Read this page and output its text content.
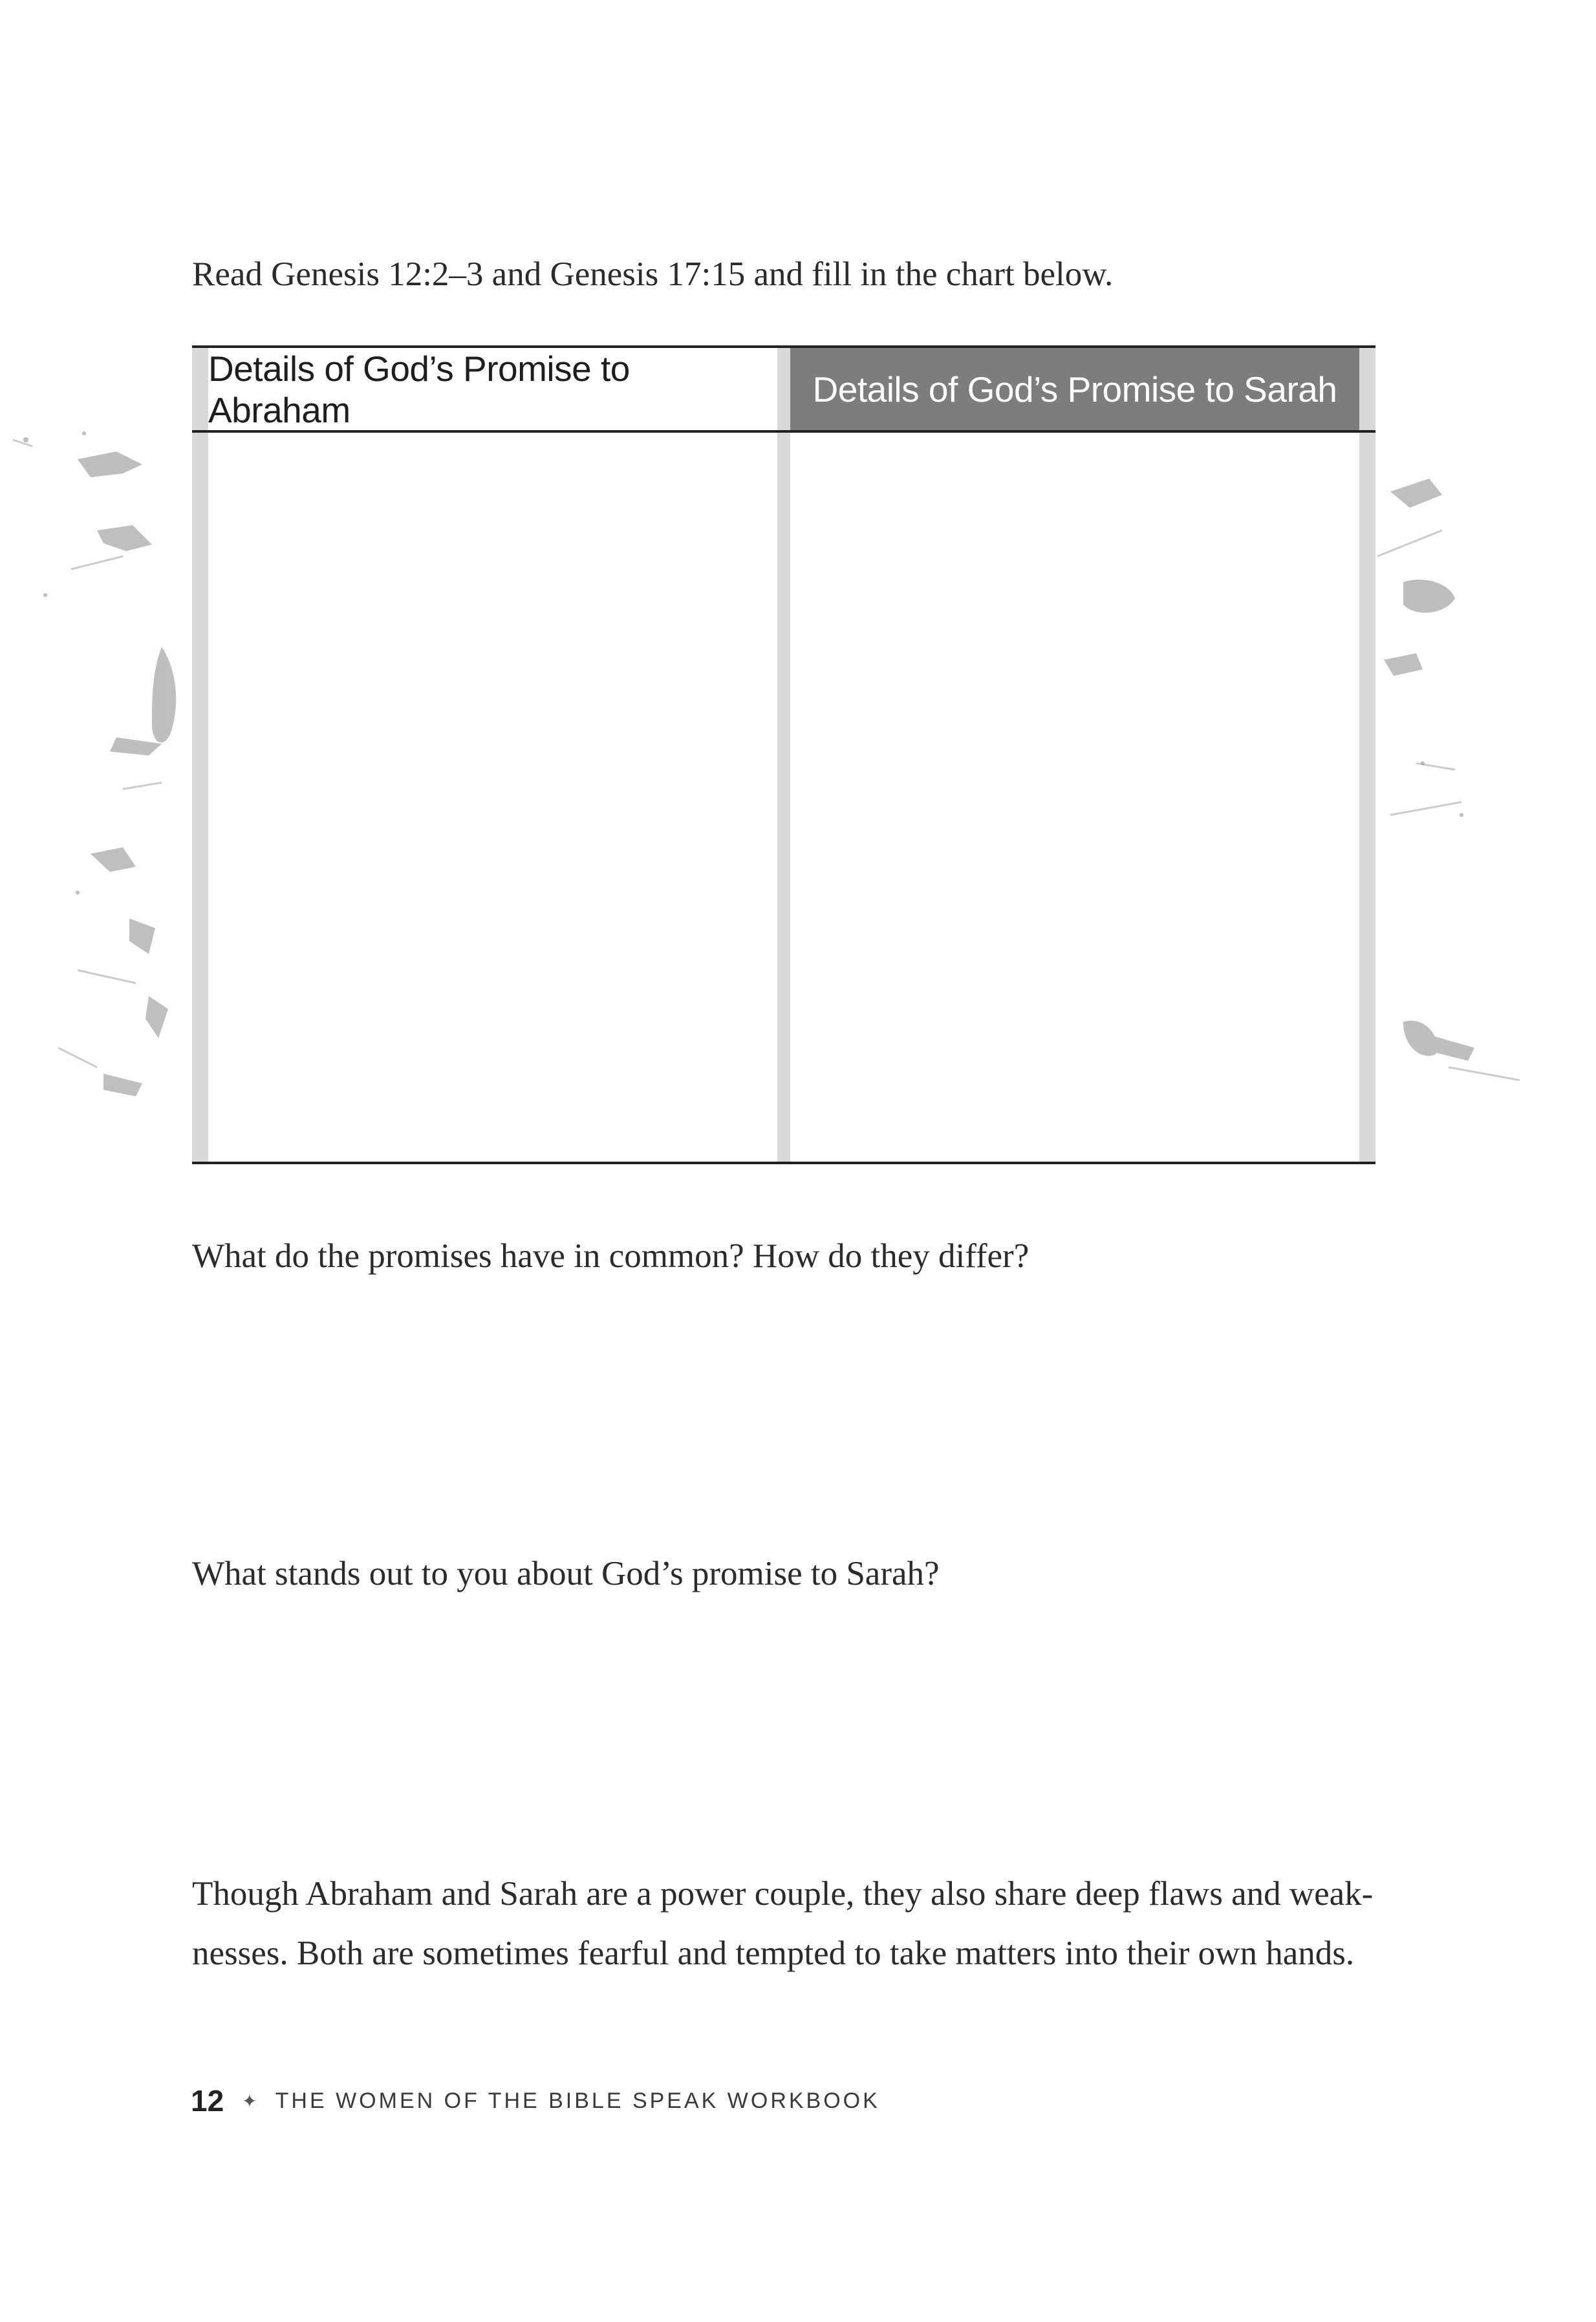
Read Genesis 12:2–3 and Genesis 17:15 and fill in the chart below.

Details of God’s Promise to Abraham
Details of God’s Promise to Sarah

What do the promises have in common? How do they differ?

What stands out to you about God’s promise to Sarah?

Though Abraham and Sarah are a power couple, they also share deep flaws and weak-

nesses. Both are sometimes fearful and tempted to take matters into their own hands.

12 ✦ THE WOMEN OF THE BIBLE SPEAK WORKBOOK
